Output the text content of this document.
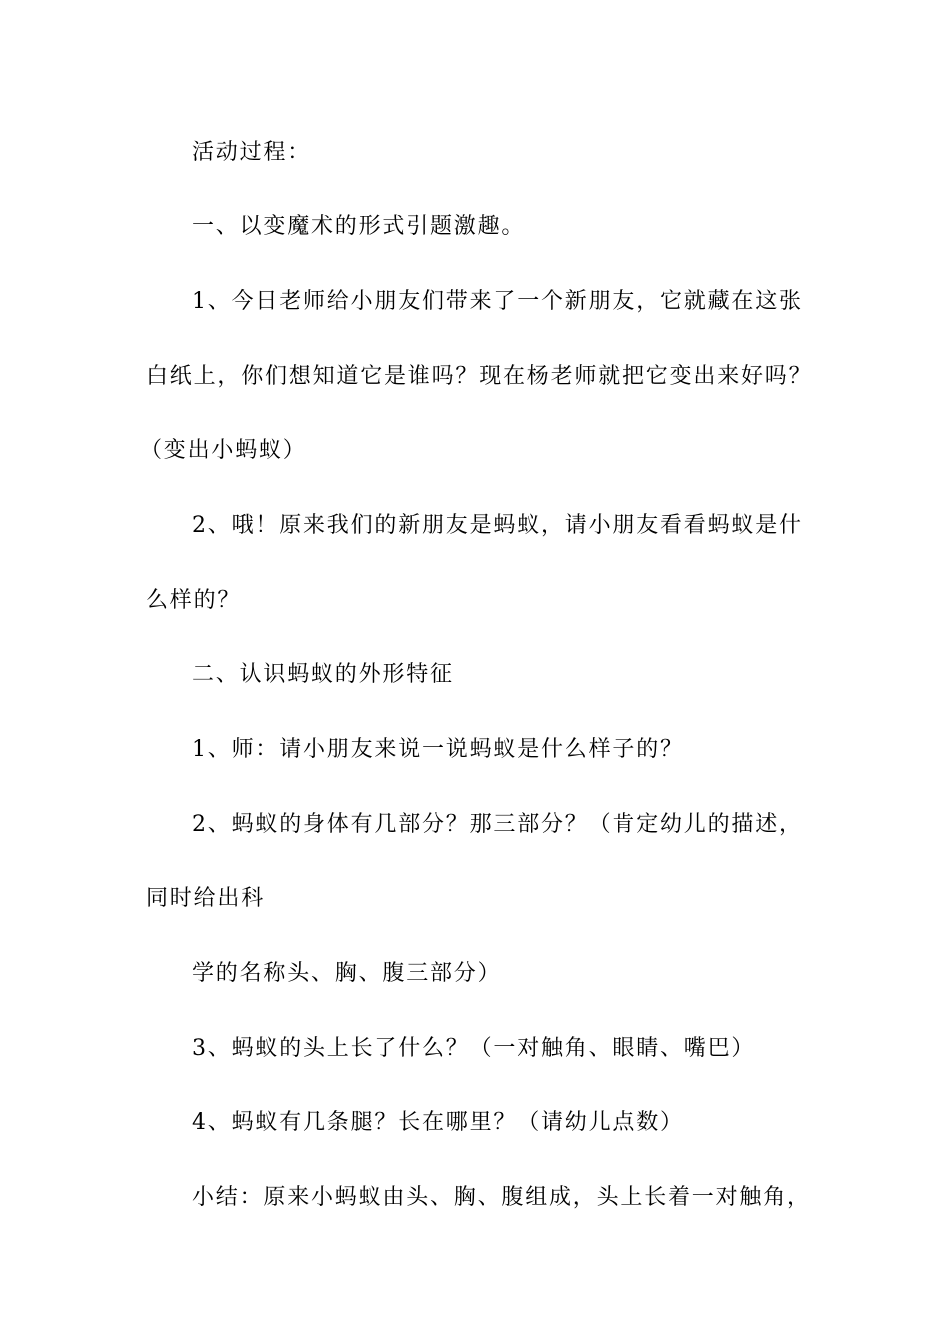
活动过程：
一、以变魔术的形式引题激趣。
1、今日老师给小朋友们带来了一个新朋友，它就藏在这张
白纸上，你们想知道它是谁吗？现在杨老师就把它变出来好吗？
（变出小蚂蚁）
2、哦！原来我们的新朋友是蚂蚁，请小朋友看看蚂蚁是什
么样的？
二、认识蚂蚁的外形特征
1、师：请小朋友来说一说蚂蚁是什么样子的？
2、蚂蚁的身体有几部分？那三部分？（肯定幼儿的描述，
同时给出科
学的名称头、胸、腹三部分）
3、蚂蚁的头上长了什么？（一对触角、眼睛、嘴巴）
4、蚂蚁有几条腿？长在哪里？（请幼儿点数）
小结：原来小蚂蚁由头、胸、腹组成，头上长着一对触角，
